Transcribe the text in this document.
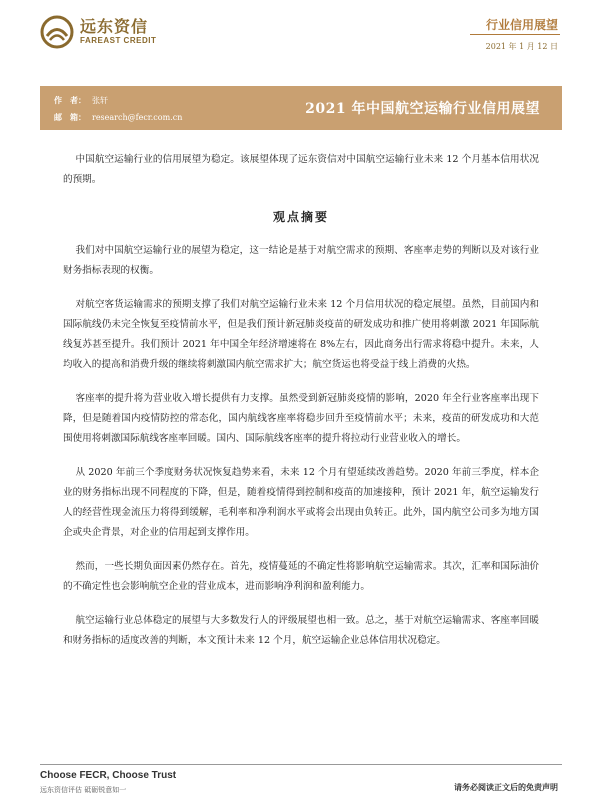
远东资信
FAREAST CREDIT
行业信用展望
2021 年 1 月 12 日
作　者： 张轩
邮　箱： research@fecr.com.cn
2021 年中国航空运输行业信用展望

中国航空运输行业的信用展望为稳定。该展望体现了远东资信对中国航空运输行业未来 12 个月基本信用状况的预期。

观点摘要

我们对中国航空运输行业的展望为稳定，这一结论是基于对航空需求的预期、客座率走势的判断以及对该行业财务指标表现的权衡。

对航空客货运输需求的预期支撑了我们对航空运输行业未来 12 个月信用状况的稳定展望。虽然，目前国内和国际航线仍未完全恢复至疫情前水平，但是我们预计新冠肺炎疫苗的研发成功和推广使用将刺激 2021 年国际航线复苏甚至提升。我们预计 2021 年中国全年经济增速将在 8%左右，因此商务出行需求将稳中提升。未来，人均收入的提高和消费升级的继续将刺激国内航空需求扩大；航空货运也将受益于线上消费的火热。

客座率的提升将为营业收入增长提供有力支撑。虽然受到新冠肺炎疫情的影响，2020 年全行业客座率出现下降，但是随着国内疫情防控的常态化，国内航线客座率将稳步回升至疫情前水平；未来，疫苗的研发成功和大范围使用将刺激国际航线客座率回暖。国内、国际航线客座率的提升将拉动行业营业收入的增长。

从 2020 年前三个季度财务状况恢复趋势来看，未来 12 个月有望延续改善趋势。2020 年前三季度，样本企业的财务指标出现不同程度的下降，但是，随着疫情得到控制和疫苗的加速接种，预计 2021 年，航空运输发行人的经营性现金流压力将得到缓解，毛利率和净利润水平或将会出现由负转正。此外，国内航空公司多为地方国企或央企背景，对企业的信用起到支撑作用。

然而，一些长期负面因素仍然存在。首先，疫情蔓延的不确定性将影响航空运输需求。其次，汇率和国际油价的不确定性也会影响航空企业的营业成本，进而影响净利润和盈利能力。

航空运输行业总体稳定的展望与大多数发行人的评级展望也相一致。总之，基于对航空运输需求、客座率回暖和财务指标的适度改善的判断，本文预计未来 12 个月，航空运输企业总体信用状况稳定。

Choose FECR, Choose Trust
远东资信评估 砥砺锐意如一	请务必阅读正文后的免责声明
